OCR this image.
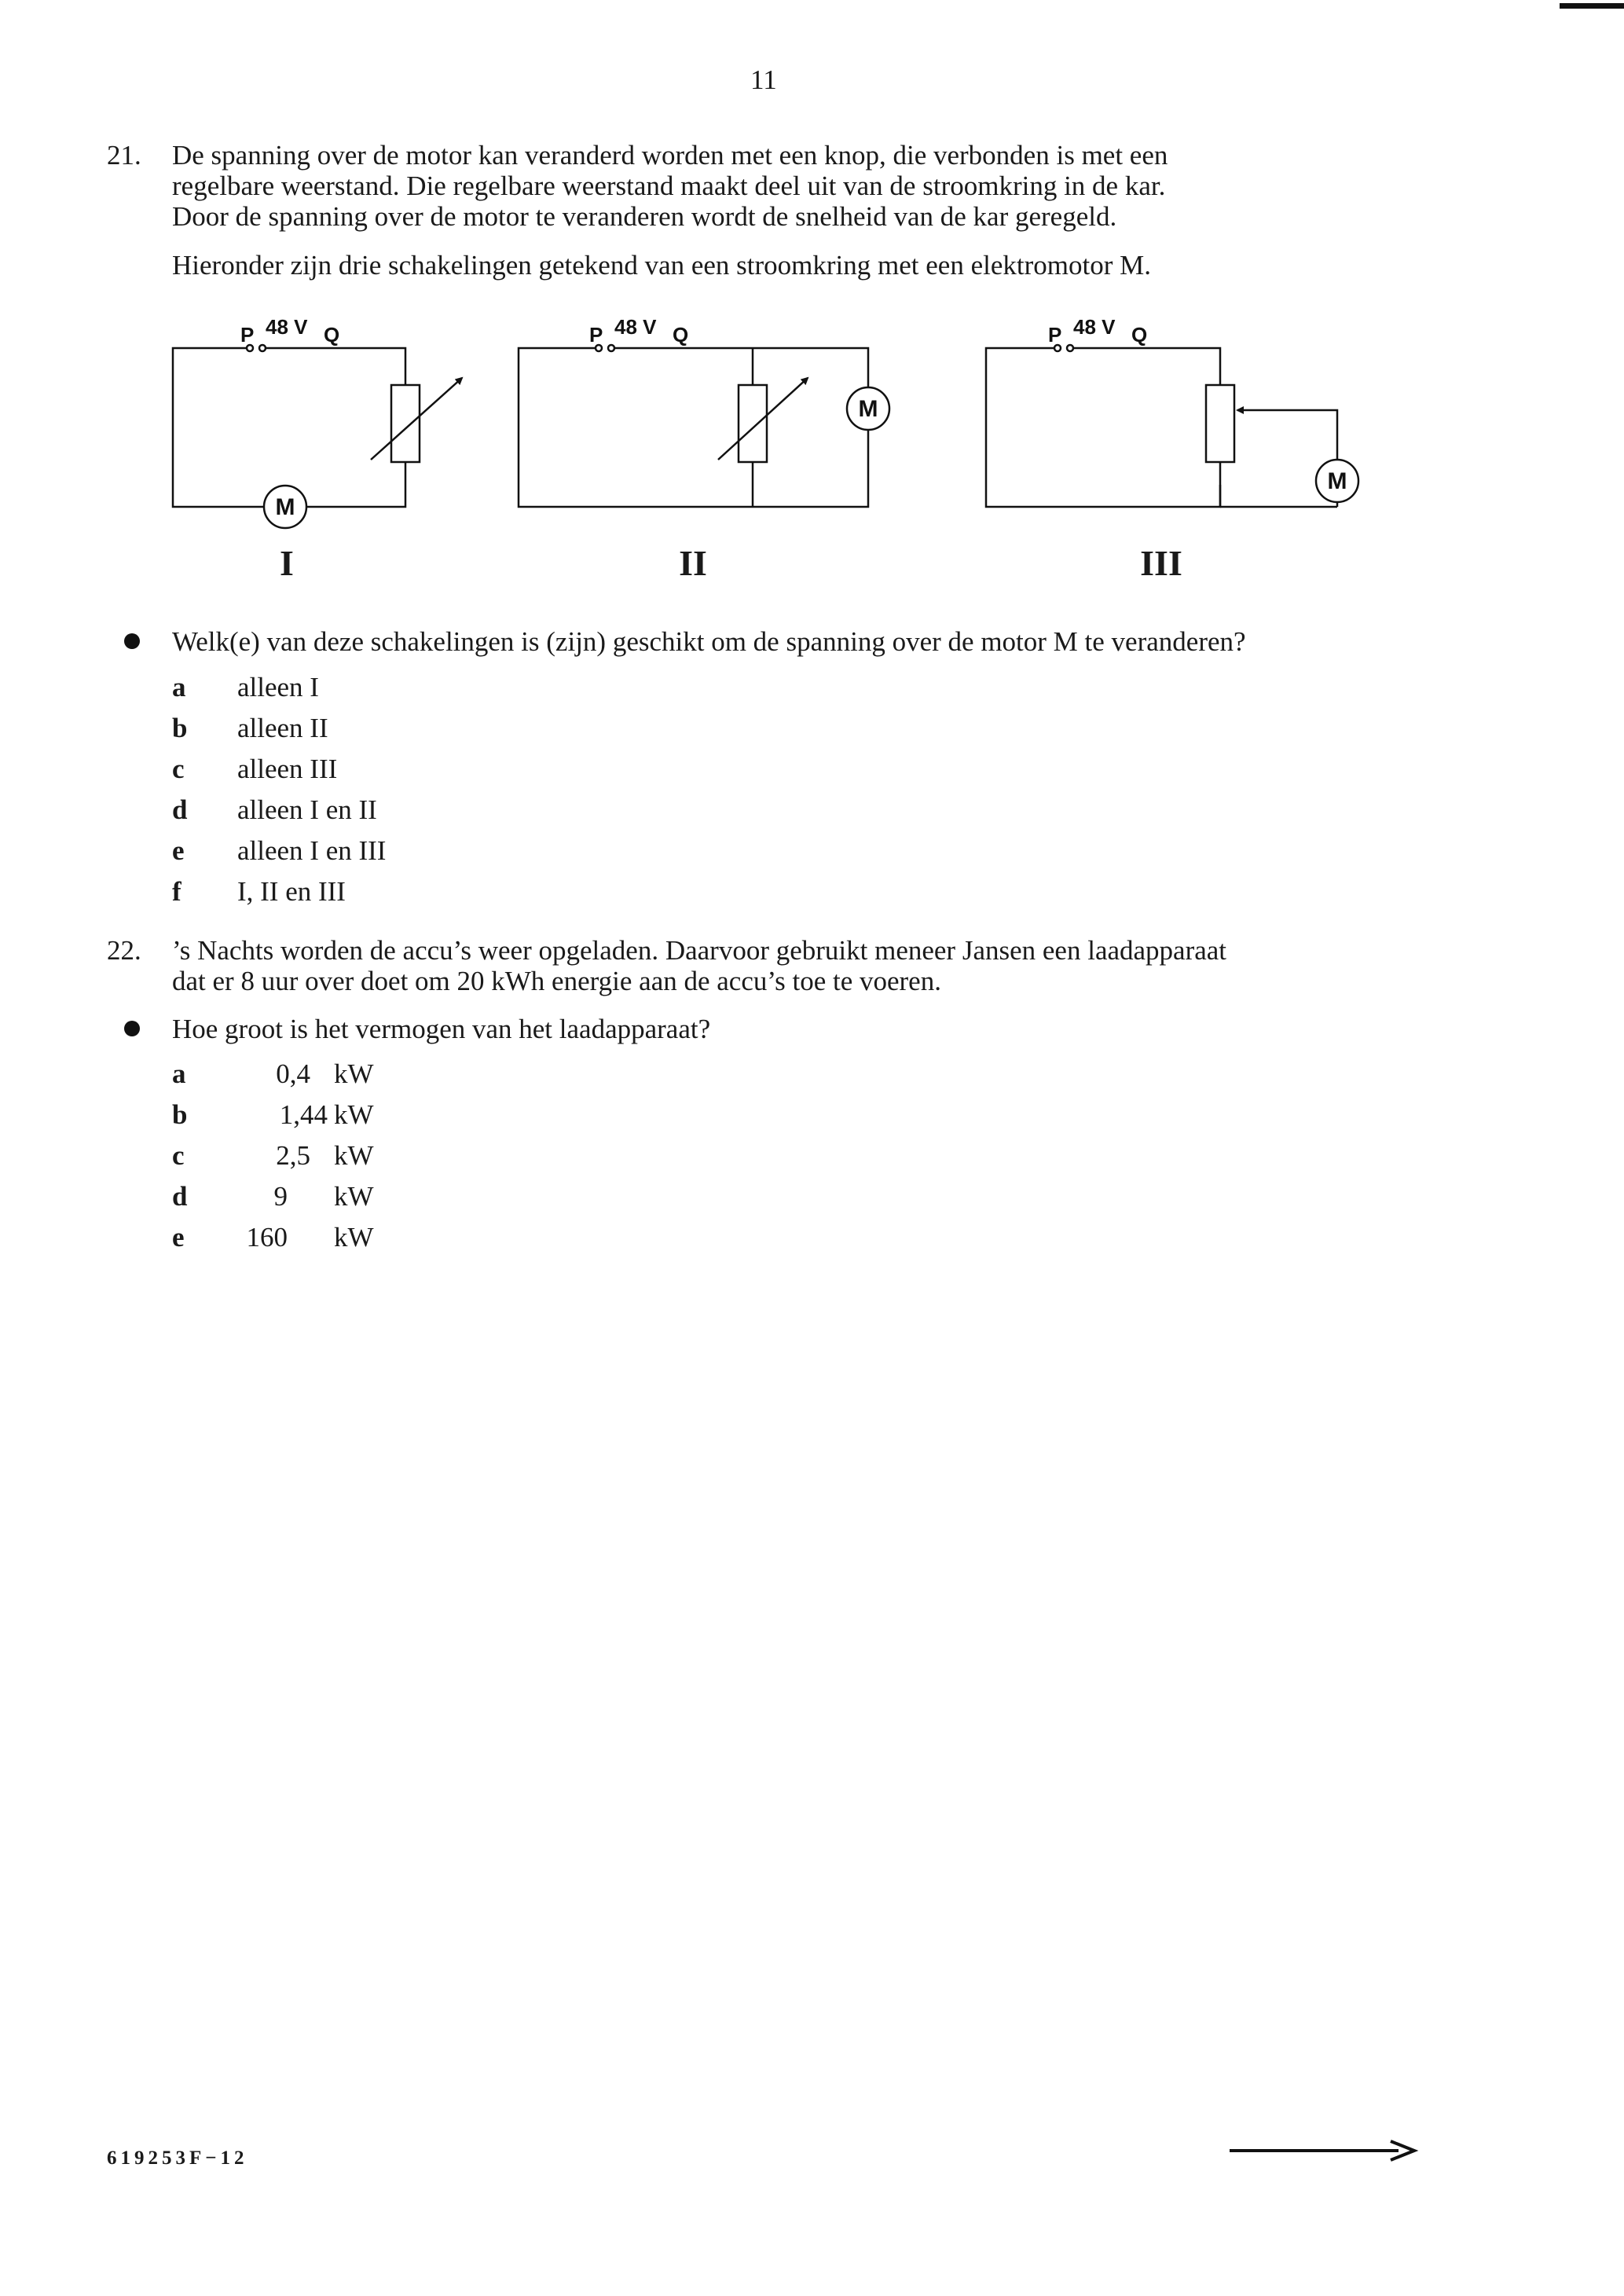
11
21. De spanning over de motor kan veranderd worden met een knop, die verbonden is met een
regelbare weerstand. Die regelbare weerstand maakt deel uit van de stroomkring in de kar.
Door de spanning over de motor te veranderen wordt de snelheid van de kar geregeld.
Hieronder zijn drie schakelingen getekend van een stroomkring met een elektromotor M.
P 48 V Q
M
P 48 V Q
M
P 48 V Q
M
I	II	III
Welk(e) van deze schakelingen is (zijn) geschikt om de spanning over de motor M te veranderen?
a alleen I
b alleen II
c alleen III
d alleen I en II
e alleen I en III
f I, II en III
22. ’s Nachts worden de accu’s weer opgeladen. Daarvoor gebruikt meneer Jansen een laadapparaat
dat er 8 uur over doet om 20 kWh energie aan de accu’s toe te voeren.
Hoe groot is het vermogen van het laadapparaat?
a	0,4 kW
b	1,44 kW
c	2,5 kW
d	9 kW
e	160 kW
619253F−12
